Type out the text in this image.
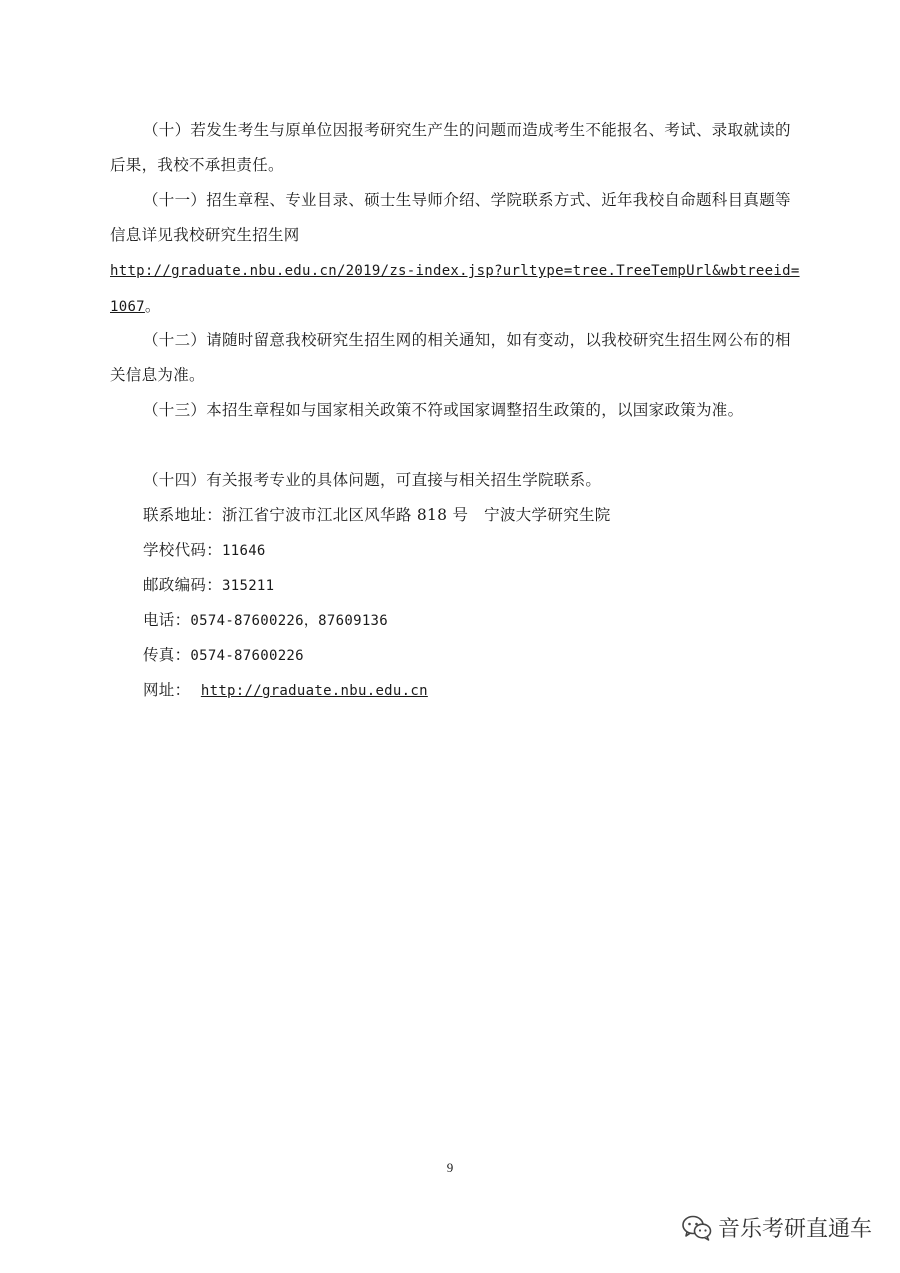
（十）若发生考生与原单位因报考研究生产生的问题而造成考生不能报名、考试、录取就读的后果，我校不承担责任。

（十一）招生章程、专业目录、硕士生导师介绍、学院联系方式、近年我校自命题科目真题等信息详见我校研究生招生网
http://graduate.nbu.edu.cn/2019/zs-index.jsp?urltype=tree.TreeTempUrl&wbtreeid=1067。

（十二）请随时留意我校研究生招生网的相关通知，如有变动，以我校研究生招生网公布的相关信息为准。

（十三）本招生章程如与国家相关政策不符或国家调整招生政策的，以国家政策为准。

（十四）有关报考专业的具体问题，可直接与相关招生学院联系。

联系地址：浙江省宁波市江北区风华路 818 号　宁波大学研究生院

学校代码：11646

邮政编码：315211

电话：0574-87600226，87609136

传真：0574-87600226

网址： http://graduate.nbu.edu.cn

9
音乐考研直通车
